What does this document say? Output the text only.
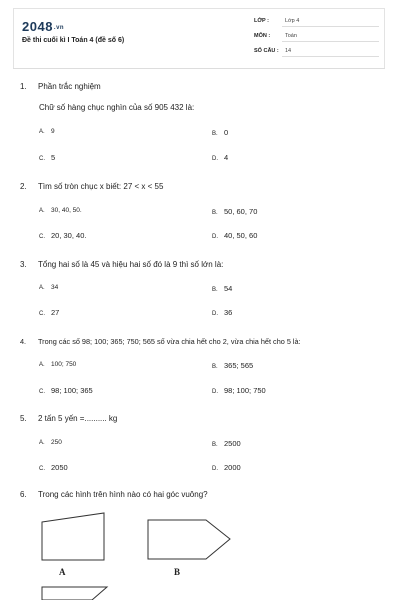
2048.vn
Đề thi cuối kì I Toán 4 (đề số 6)
LỚP :	Lớp 4
MÔN :	Toán
SỐ CÂU : 14
1. Phần trắc nghiệm
Chữ số hàng chục nghìn của số 905 432 là:
A. 9	B. 0
C. 5	D. 4
2. Tìm số tròn chục x biết: 27 < x < 55
A. 30, 40, 50.	B. 50, 60, 70
C. 20, 30, 40.	D. 40, 50, 60
3. Tổng hai số là 45 và hiệu hai số đó là 9 thì số lớn là:
A. 34	B. 54
C. 27	D. 36
4. Trong các số 98; 100; 365; 750; 565 số vừa chia hết cho 2, vừa chia hết cho 5 là:
A. 100; 750	B. 365; 565
C. 98; 100; 365	D. 98; 100; 750
5. 2 tấn 5 yến =.......... kg
A. 250	B. 2500
C. 2050	D. 2000
6. Trong các hình trên hình nào có hai góc vuông?
A	B
